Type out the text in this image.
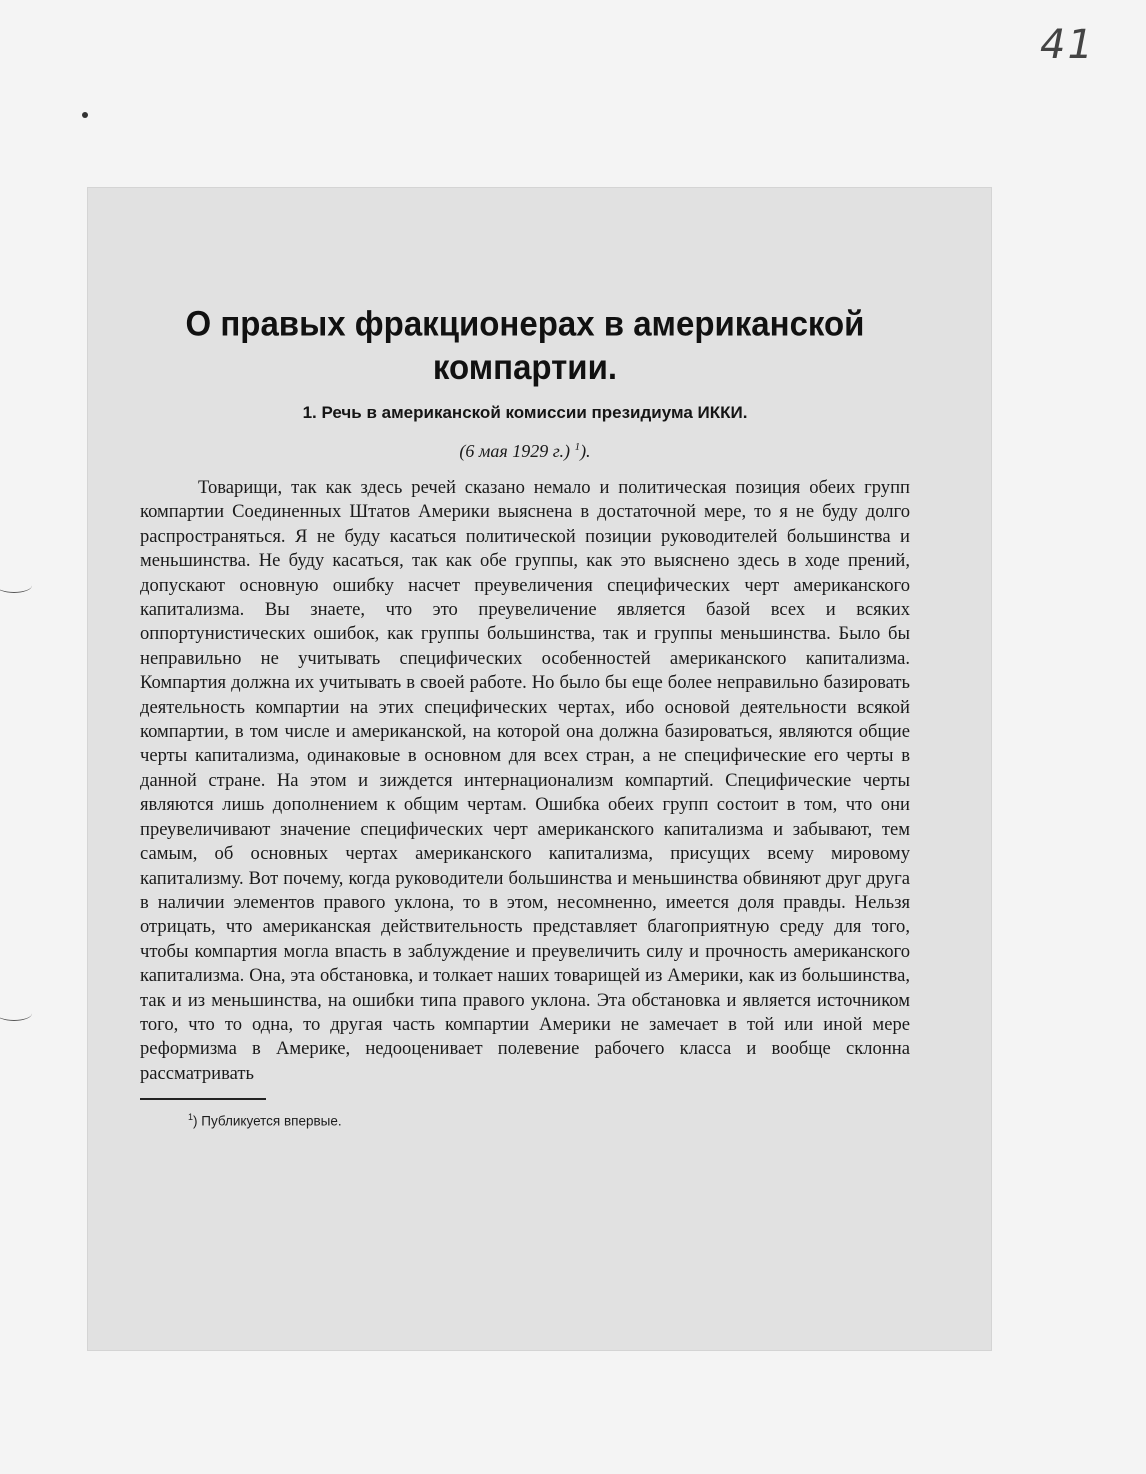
41
О правых фракционерах в американской компартии.

1. Речь в американской комиссии президиума ИККИ.

(6 мая 1929 г.) $^1$).

Товарищи, так как здесь речей сказано немало и политическая позиция обеих групп компартии Соединенных Штатов Америки выяснена в достаточной мере, то я не буду долго распространяться. Я не буду касаться политической позиции руководителей большинства и меньшинства. Не буду касаться, так как обе группы, как это выяснено здесь в ходе прений, допускают основную ошибку насчет преувеличения специфических черт американского капитализма. Вы знаете, что это преувеличение является базой всех и всяких оппортунистических ошибок, как группы большинства, так и группы меньшинства. Было бы неправильно не учитывать специфических особенностей американского капитализма. Компартия должна их учитывать в своей работе. Но было бы еще более неправильно базировать деятельность компартии на этих специфических чертах, ибо основой деятельности всякой компартии, в том числе и американской, на которой она должна базироваться, являются общие черты капитализма, одинаковые в основном для всех стран, а не специфические его черты в данной стране. На этом и зиждется интернационализм компартий. Специфические черты являются лишь дополнением к общим чертам. Ошибка обеих групп состоит в том, что они преувеличивают значение специфических черт американского капитализма и забывают, тем самым, об основных чертах американского капитализма, присущих всему мировому капитализму. Вот почему, когда руководители большинства и меньшинства обвиняют друг друга в наличии элементов правого уклона, то в этом, несомненно, имеется доля правды. Нельзя отрицать, что американская действительность представляет благоприятную среду для того, чтобы компартия могла впасть в заблуждение и преувеличить силу и прочность американского капитализма. Она, эта обстановка, и толкает наших товарищей из Америки, как из большинства, так и из меньшинства, на ошибки типа правого уклона. Эта обстановка и является источником того, что то одна, то другая часть компартии Америки не замечает в той или иной мере реформизма в Америке, недооценивает полевение рабочего класса и вообще склонна рассматривать

$^1$) Публикуется впервые.
